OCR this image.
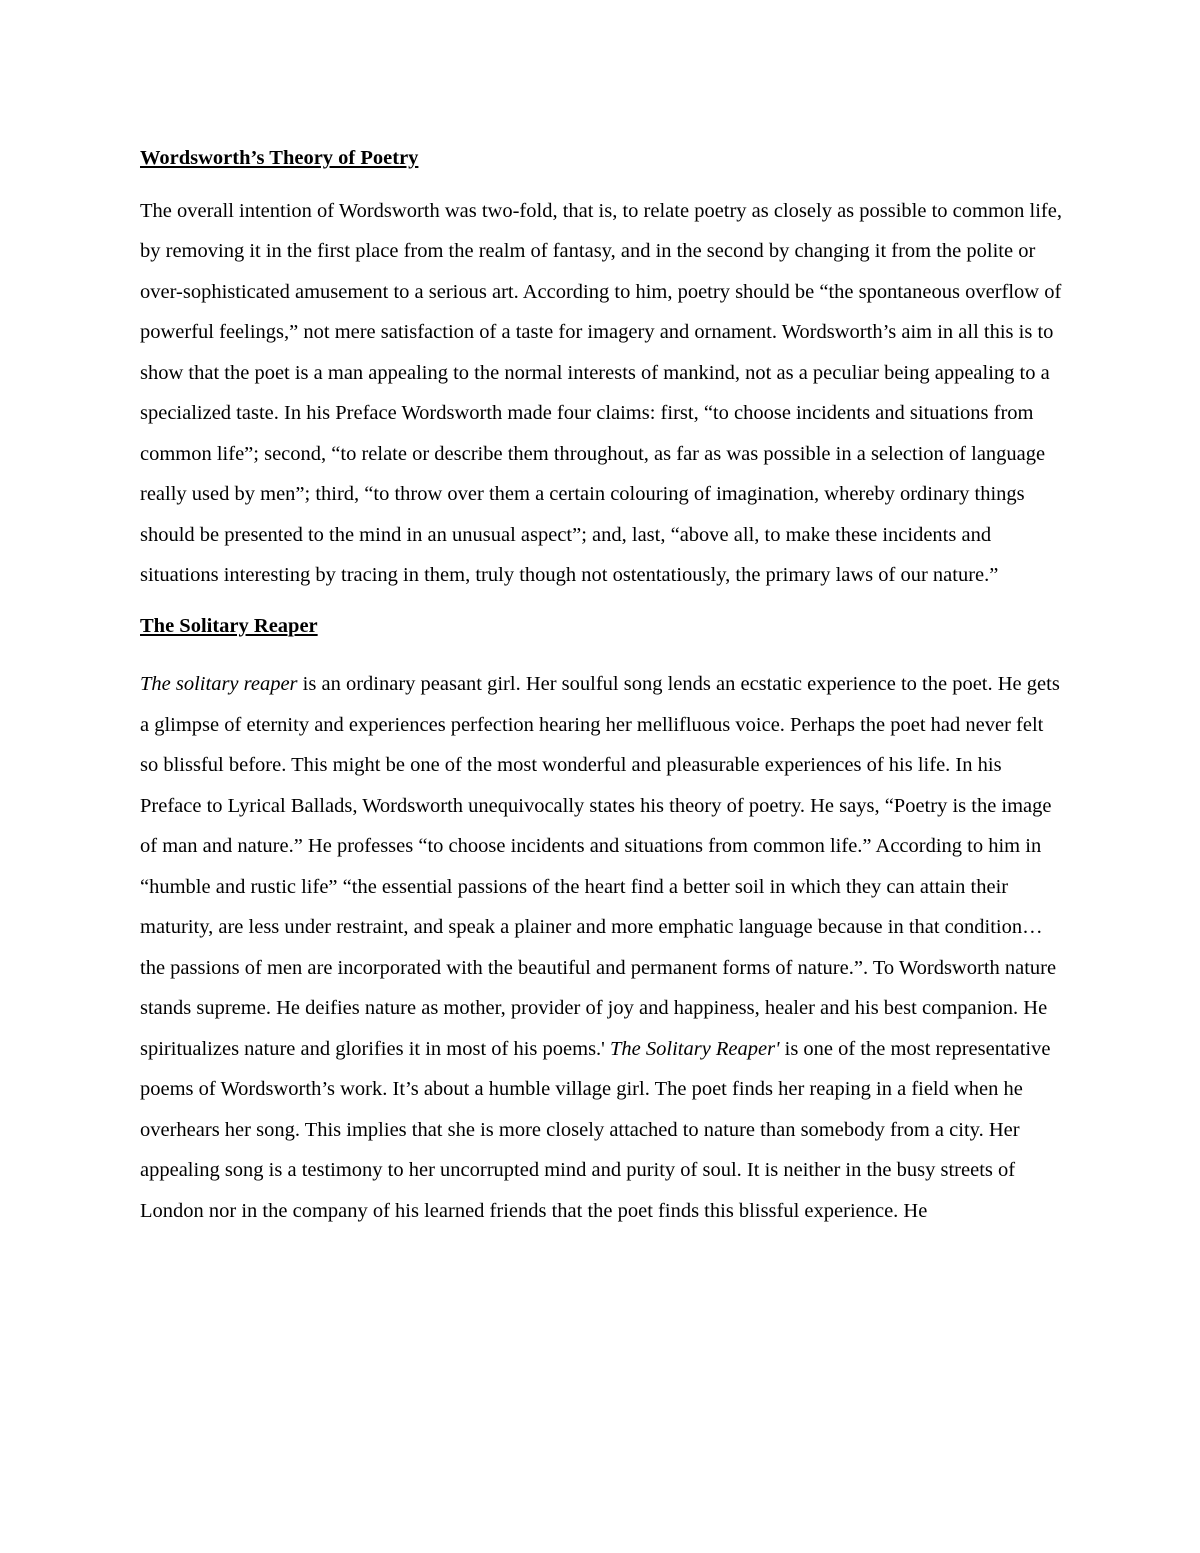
Wordsworth’s Theory of Poetry

The overall intention of Wordsworth was two-fold, that is, to relate poetry as closely as possible to common life, by removing it in the first place from the realm of fantasy, and in the second by changing it from the polite or over-sophisticated amusement to a serious art. According to him, poetry should be “the spontaneous overflow of powerful feelings,” not mere satisfaction of a taste for imagery and ornament. Wordsworth’s aim in all this is to show that the poet is a man appealing to the normal interests of mankind, not as a peculiar being appealing to a specialized taste. In his Preface Wordsworth made four claims: first, “to choose incidents and situations from common life”; second, “to relate or describe them throughout, as far as was possible in a selection of language really used by men”; third, “to throw over them a certain colouring of imagination, whereby ordinary things should be presented to the mind in an unusual aspect”; and, last, “above all, to make these incidents and situations interesting by tracing in them, truly though not ostentatiously, the primary laws of our nature.”

The Solitary Reaper

The solitary reaper is an ordinary peasant girl. Her soulful song lends an ecstatic experience to the poet. He gets a glimpse of eternity and experiences perfection hearing her mellifluous voice. Perhaps the poet had never felt so blissful before. This might be one of the most wonderful and pleasurable experiences of his life. In his Preface to Lyrical Ballads, Wordsworth unequivocally states his theory of poetry. He says, “Poetry is the image of man and nature.” He professes “to choose incidents and situations from common life.” According to him in “humble and rustic life” “the essential passions of the heart find a better soil in which they can attain their maturity, are less under restraint, and speak a plainer and more emphatic language because in that condition… the passions of men are incorporated with the beautiful and permanent forms of nature.”. To Wordsworth nature stands supreme. He deifies nature as mother, provider of joy and happiness, healer and his best companion. He spiritualizes nature and glorifies it in most of his poems.' The Solitary Reaper' is one of the most representative poems of Wordsworth’s work. It’s about a humble village girl. The poet finds her reaping in a field when he overhears her song. This implies that she is more closely attached to nature than somebody from a city. Her appealing song is a testimony to her uncorrupted mind and purity of soul. It is neither in the busy streets of London nor in the company of his learned friends that the poet finds this blissful experience. He
